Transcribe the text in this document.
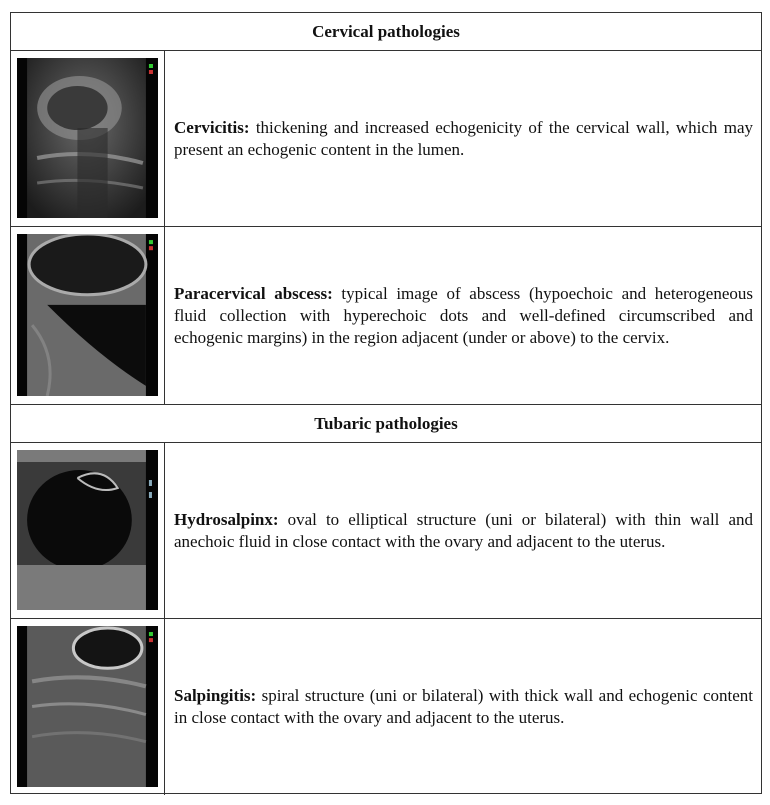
Cervical pathologies

Cervicitis: thickening and increased echogenicity of the cervical wall, which may present an echogenic content in the lumen.

Paracervical abscess: typical image of abscess (hypoechoic and heterogeneous fluid collection with hyperechoic dots and well-defined circumscribed and echogenic margins) in the region adjacent (under or above) to the cervix.

Tubaric pathologies

Hydrosalpinx: oval to elliptical structure (uni or bilateral) with thin wall and anechoic fluid in close contact with the ovary and adjacent to the uterus.

Salpingitis: spiral structure (uni or bilateral) with thick wall and echogenic content in close contact with the ovary and adjacent to the uterus.
